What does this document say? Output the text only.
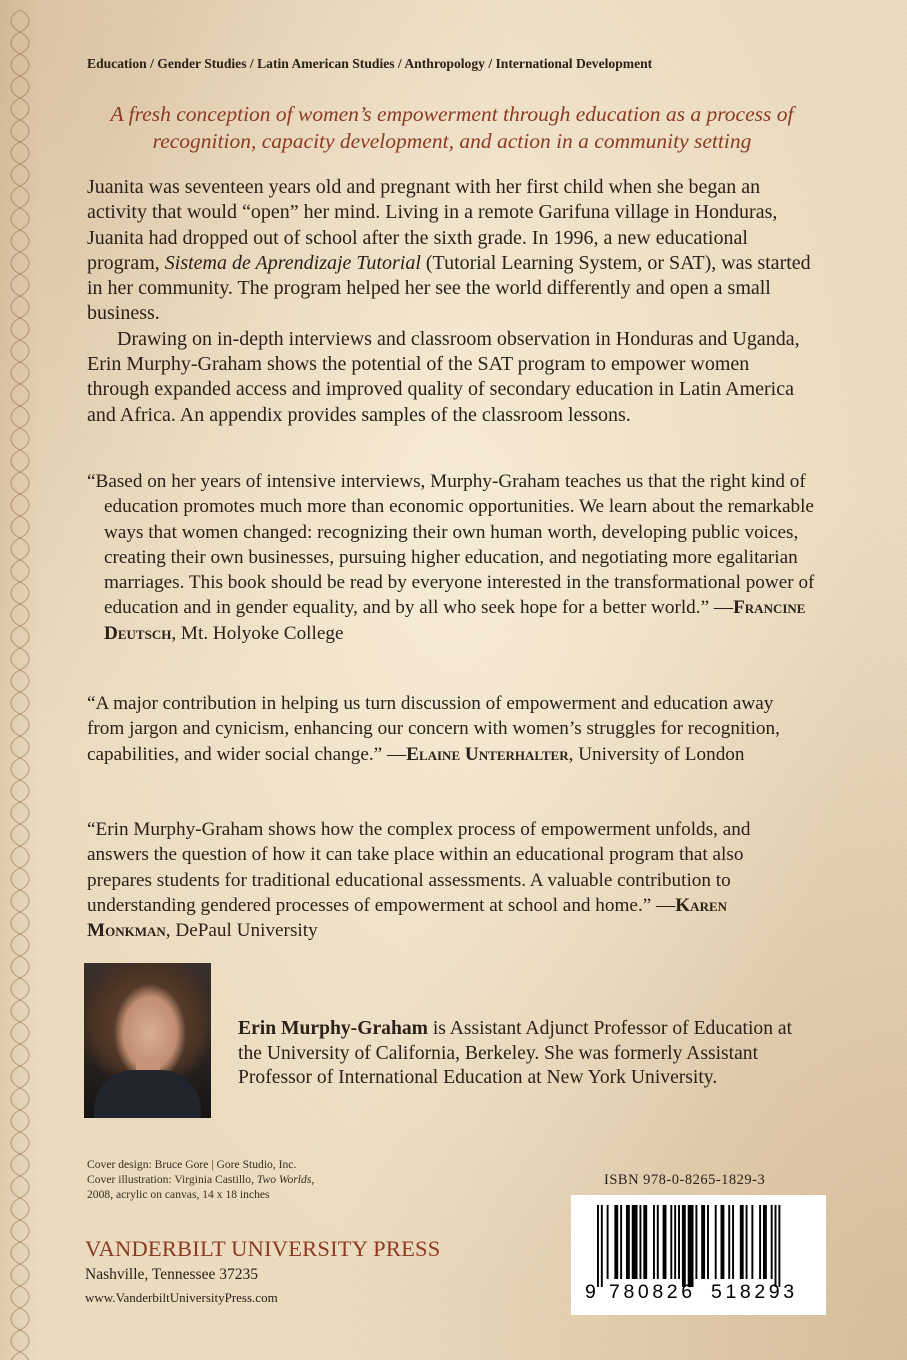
Education / Gender Studies / Latin American Studies / Anthropology / International Development
A fresh conception of women’s empowerment through education as a process of recognition, capacity development, and action in a community setting

Juanita was seventeen years old and pregnant with her first child when she began an activity that would “open” her mind. Living in a remote Garifuna village in Honduras, Juanita had dropped out of school after the sixth grade. In 1996, a new educational program, Sistema de Aprendizaje Tutorial (Tutorial Learning System, or SAT), was started in her community. The program helped her see the world differently and open a small business.

Drawing on in-depth interviews and classroom observation in Honduras and Uganda, Erin Murphy-Graham shows the potential of the SAT program to empower women through expanded access and improved quality of secondary education in Latin America and Africa. An appendix provides samples of the classroom lessons.

“Based on her years of intensive interviews, Murphy-Graham teaches us that the right kind of education promotes much more than economic opportunities. We learn about the remarkable ways that women changed: recognizing their own human worth, developing public voices, creating their own businesses, pursuing higher education, and negotiating more egalitarian marriages. This book should be read by everyone interested in the transformational power of education and in gender equality, and by all who seek hope for a better world.” —Francine Deutsch, Mt. Holyoke College
“A major contribution in helping us turn discussion of empowerment and education away from jargon and cynicism, enhancing our concern with women’s struggles for recognition, capabilities, and wider social change.” —Elaine Unterhalter, University of London
“Erin Murphy-Graham shows how the complex process of empowerment unfolds, and answers the question of how it can take place within an educational program that also prepares students for traditional educational assessments. A valuable contribution to understanding gendered processes of empowerment at school and home.” —Karen Monkman, DePaul University
Erin Murphy-Graham is Assistant Adjunct Professor of Education at the University of California, Berkeley. She was formerly Assistant Professor of International Education at New York University.
Cover design: Bruce Gore | Gore Studio, Inc.
Cover illustration: Virginia Castillo, Two Worlds,
2008, acrylic on canvas, 14 x 18 inches
ISBN 978-0-8265-1829-3
9 780826 518293
VANDERBILT UNIVERSITY PRESS
Nashville, Tennessee 37235
www.VanderbiltUniversityPress.com
